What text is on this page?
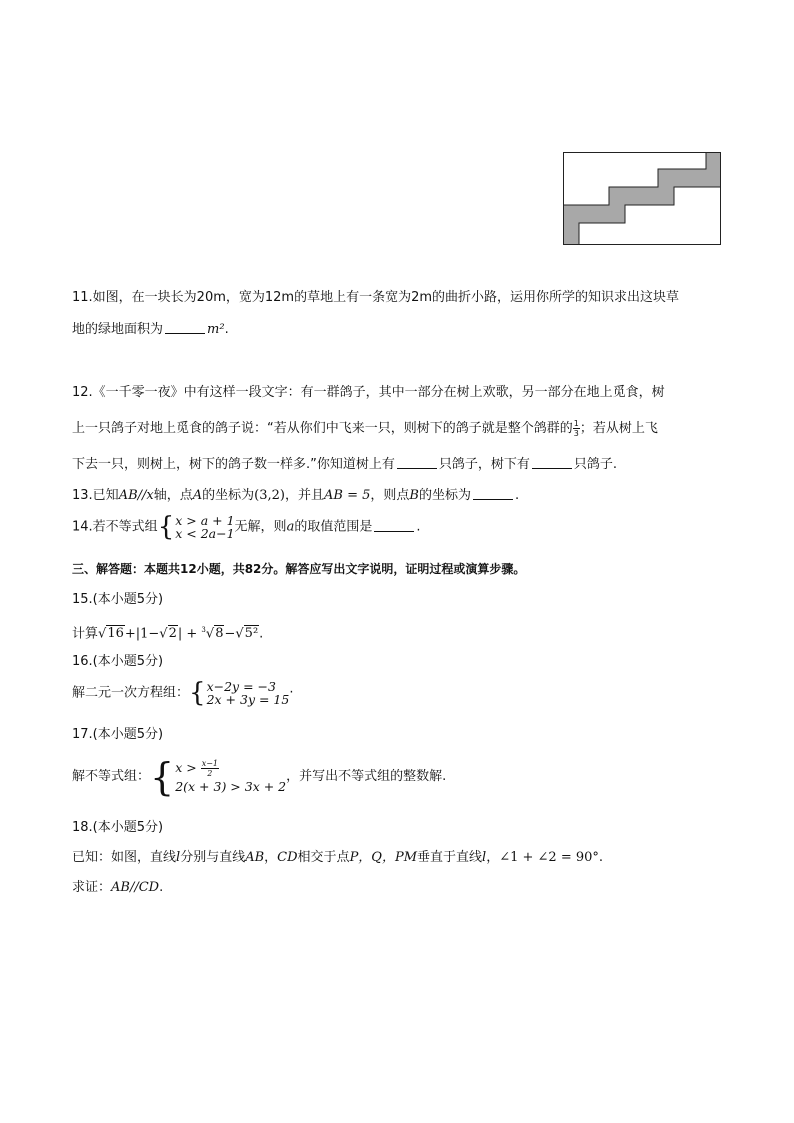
11.如图，在一块长为20m，宽为12m的草地上有一条宽为2m的曲折小路，运用你所学的知识求出这块草
地的绿地面积为	m².
12.《一千零一夜》中有这样一段文字：有一群鸽子，其中一部分在树上欢歌，另一部分在地上觅食，树
上一只鸽子对地上觅食的鸽子说：“若从你们中飞来一只，则树下的鸽子就是整个鸽群的 $\frac{1}{3}$ ；若从树上飞
下去一只，则树上，树下的鸽子数一样多.”你知道树上有	只鸽子，树下有	只鸽子.
13.已知AB//x轴，点A的坐标为(3,2)，并且AB = 5，则点B的坐标为	.
14.若不等式组{ x > a + 1
x < 2a−1 无解，则a的取值范围是	.
三、解答题：本题共12小题，共82分。解答应写出文字说明，证明过程或演算步骤。
15.(本小题5分)
计算√16+|1−√2| + $^3$√8−√5².
16.(本小题5分)
解二元一次方程组：{ x−2y = −3
2x + 3y = 15 ·
17.(本小题5分)
解不等式组：{ $x > \frac{x-1}{2}$
2(x + 3) > 3x + 2
，并写出不等式组的整数解.
18.(本小题5分)
已知：如图，直线l分别与直线AB，CD相交于点P，Q，PM垂直于直线l，∠1 + ∠2 = 90°.
求证：AB//CD.
